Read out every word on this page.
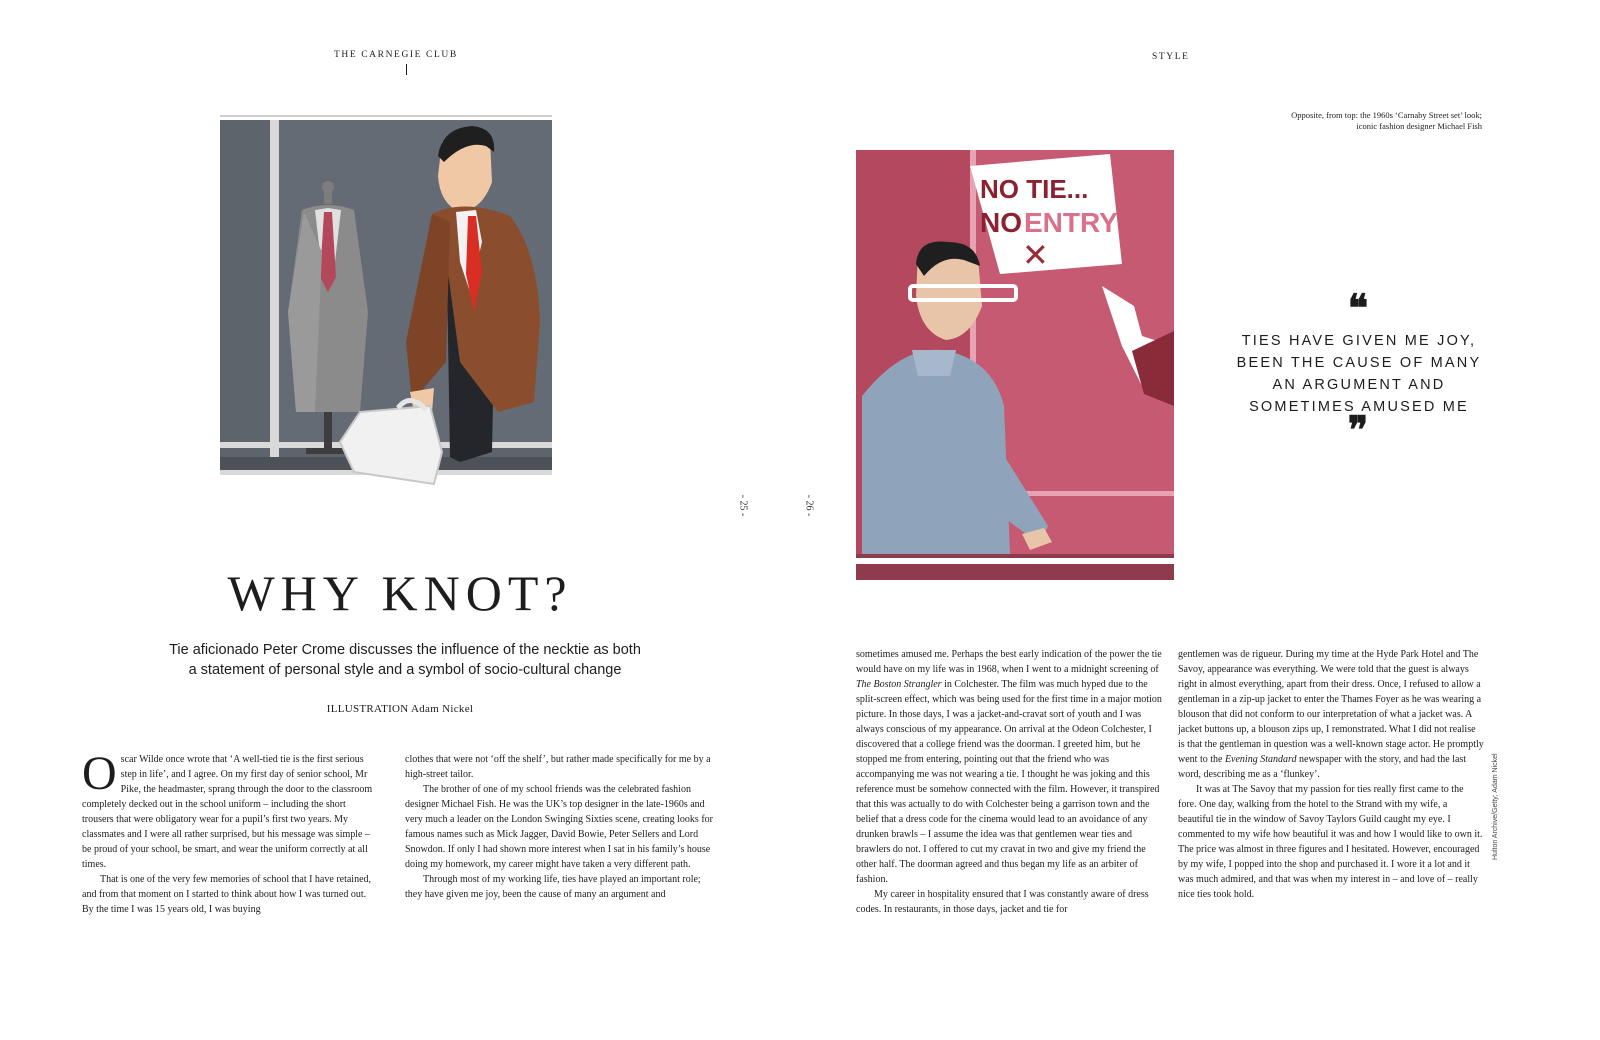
THE CARNEGIE CLUB
- 25 -
WHY KNOT?
Tie aficionado Peter Crome discusses the influence of the necktie as both
a statement of personal style and a symbol of socio-cultural change
ILLUSTRATION Adam Nickel
O scar Wilde once wrote that ‘A well-tied tie is the first serious step in life’, and I agree. On my first day of senior school, Mr Pike, the headmaster, sprang through the door to the classroom completely decked out in the school uniform – including the short trousers that were obligatory wear for a pupil’s first two years. My classmates and I were all rather surprised, but his message was simple – be proud of your school, be smart, and wear the uniform correctly at all times.

That is one of the very few memories of school that I have retained, and from that moment on I started to think about how I was turned out. By the time I was 15 years old, I was buying

clothes that were not ‘off the shelf’, but rather made specifically for me by a high-street tailor.

The brother of one of my school friends was the celebrated fashion designer Michael Fish. He was the UK’s top designer in the late-1960s and very much a leader on the London Swinging Sixties scene, creating looks for famous names such as Mick Jagger, David Bowie, Peter Sellers and Lord Snowdon. If only I had shown more interest when I sat in his family’s house doing my homework, my career might have taken a very different path.

Through most of my working life, ties have played an important role; they have given me joy, been the cause of many an argument and

STYLE
- 26 -
Opposite, from top: the 1960s ‘Carnaby Street set’ look; iconic fashion designer Michael Fish
NO TIE...
NO ENTRY
✕
❝
TIES HAVE GIVEN ME JOY, BEEN THE CAUSE OF MANY AN ARGUMENT AND SOMETIMES AMUSED ME
❞

sometimes amused me. Perhaps the best early indication of the power the tie would have on my life was in 1968, when I went to a midnight screening of The Boston Strangler in Colchester. The film was much hyped due to the split-screen effect, which was being used for the first time in a major motion picture. In those days, I was a jacket-and-cravat sort of youth and I was always conscious of my appearance. On arrival at the Odeon Colchester, I discovered that a college friend was the doorman. I greeted him, but he stopped me from entering, pointing out that the friend who was accompanying me was not wearing a tie. I thought he was joking and this reference must be somehow connected with the film. However, it transpired that this was actually to do with Colchester being a garrison town and the belief that a dress code for the cinema would lead to an avoidance of any drunken brawls – I assume the idea was that gentlemen wear ties and brawlers do not. I offered to cut my cravat in two and give my friend the other half. The doorman agreed and thus began my life as an arbiter of fashion.

My career in hospitality ensured that I was constantly aware of dress codes. In restaurants, in those days, jacket and tie for

gentlemen was de rigueur. During my time at the Hyde Park Hotel and The Savoy, appearance was everything. We were told that the guest is always right in almost everything, apart from their dress. Once, I refused to allow a gentleman in a zip-up jacket to enter the Thames Foyer as he was wearing a blouson that did not conform to our interpretation of what a jacket was. A jacket buttons up, a blouson zips up, I remonstrated. What I did not realise is that the gentleman in question was a well-known stage actor. He promptly went to the Evening Standard newspaper with the story, and had the last word, describing me as a ‘flunkey’.

It was at The Savoy that my passion for ties really first came to the fore. One day, walking from the hotel to the Strand with my wife, a beautiful tie in the window of Savoy Taylors Guild caught my eye. I commented to my wife how beautiful it was and how I would like to own it. The price was almost in three figures and I hesitated. However, encouraged by my wife, I popped into the shop and purchased it. I wore it a lot and it was much admired, and that was when my interest in – and love of – really nice ties took hold.

Hulton Archive/Getty; Adam Nickel
